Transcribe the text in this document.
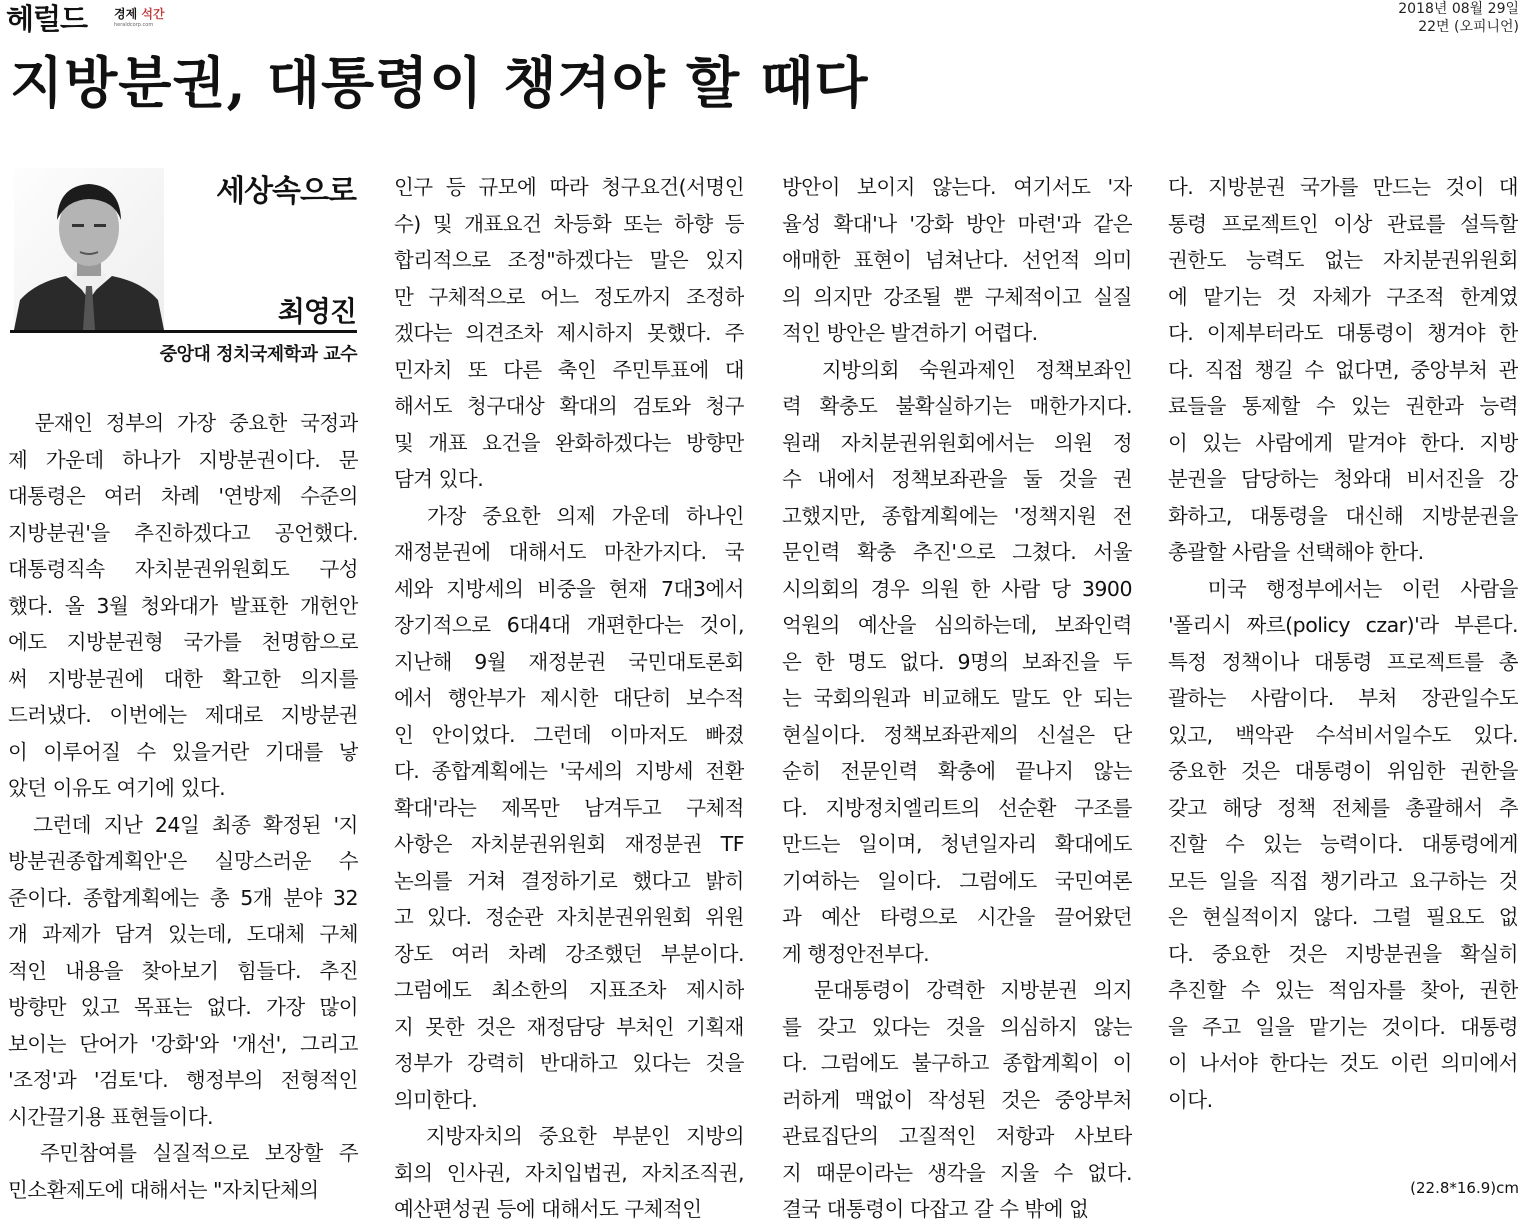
헤럴드 경제 석간
heraldcorp.com
2018년 08월 29일
22면 (오피니언)
지방분권, 대통령이 챙겨야 할 때다
세상속으로
최영진
중앙대 정치국제학과 교수
문재인 정부의 가장 중요한 국정과
제 가운데 하나가 지방분권이다. 문
대통령은 여러 차례 '연방제 수준의
지방분권'을 추진하겠다고 공언했다.
대통령직속 자치분권위원회도 구성
했다. 올 3월 청와대가 발표한 개헌안
에도 지방분권형 국가를 천명함으로
써 지방분권에 대한 확고한 의지를
드러냈다. 이번에는 제대로 지방분권
이 이루어질 수 있을거란 기대를 낳
았던 이유도 여기에 있다.
그런데 지난 24일 최종 확정된 '지
방분권종합계획안'은 실망스러운 수
준이다. 종합계획에는 총 5개 분야 32
개 과제가 담겨 있는데, 도대체 구체
적인 내용을 찾아보기 힘들다. 추진
방향만 있고 목표는 없다. 가장 많이
보이는 단어가 '강화'와 '개선', 그리고
'조정'과 '검토'다. 행정부의 전형적인
시간끌기용 표현들이다.
주민참여를 실질적으로 보장할 주
민소환제도에 대해서는 "자치단체의
인구 등 규모에 따라 청구요건(서명인
수) 및 개표요건 차등화 또는 하향 등
합리적으로 조정"하겠다는 말은 있지
만 구체적으로 어느 정도까지 조정하
겠다는 의견조차 제시하지 못했다. 주
민자치 또 다른 축인 주민투표에 대
해서도 청구대상 확대의 검토와 청구
및 개표 요건을 완화하겠다는 방향만
담겨 있다.
가장 중요한 의제 가운데 하나인
재정분권에 대해서도 마찬가지다. 국
세와 지방세의 비중을 현재 7대3에서
장기적으로 6대4대 개편한다는 것이,
지난해 9월 재정분권 국민대토론회
에서 행안부가 제시한 대단히 보수적
인 안이었다. 그런데 이마저도 빠졌
다. 종합계획에는 '국세의 지방세 전환
확대'라는 제목만 남겨두고 구체적
사항은 자치분권위원회 재정분권 TF
논의를 거쳐 결정하기로 했다고 밝히
고 있다. 정순관 자치분권위원회 위원
장도 여러 차례 강조했던 부분이다.
그럼에도 최소한의 지표조차 제시하
지 못한 것은 재정담당 부처인 기획재
정부가 강력히 반대하고 있다는 것을
의미한다.
지방자치의 중요한 부분인 지방의
회의 인사권, 자치입법권, 자치조직권,
예산편성권 등에 대해서도 구체적인
방안이 보이지 않는다. 여기서도 '자
율성 확대'나 '강화 방안 마련'과 같은
애매한 표현이 넘쳐난다. 선언적 의미
의 의지만 강조될 뿐 구체적이고 실질
적인 방안은 발견하기 어렵다.
지방의회 숙원과제인 정책보좌인
력 확충도 불확실하기는 매한가지다.
원래 자치분권위원회에서는 의원 정
수 내에서 정책보좌관을 둘 것을 권
고했지만, 종합계획에는 '정책지원 전
문인력 확충 추진'으로 그쳤다. 서울
시의회의 경우 의원 한 사람 당 3900
억원의 예산을 심의하는데, 보좌인력
은 한 명도 없다. 9명의 보좌진을 두
는 국회의원과 비교해도 말도 안 되는
현실이다. 정책보좌관제의 신설은 단
순히 전문인력 확충에 끝나지 않는
다. 지방정치엘리트의 선순환 구조를
만드는 일이며, 청년일자리 확대에도
기여하는 일이다. 그럼에도 국민여론
과 예산 타령으로 시간을 끌어왔던
게 행정안전부다.
문대통령이 강력한 지방분권 의지
를 갖고 있다는 것을 의심하지 않는
다. 그럼에도 불구하고 종합계획이 이
러하게 맥없이 작성된 것은 중앙부처
관료집단의 고질적인 저항과 사보타
지 때문이라는 생각을 지울 수 없다.
결국 대통령이 다잡고 갈 수 밖에 없
다. 지방분권 국가를 만드는 것이 대
통령 프로젝트인 이상 관료를 설득할
권한도 능력도 없는 자치분권위원회
에 맡기는 것 자체가 구조적 한계였
다. 이제부터라도 대통령이 챙겨야 한
다. 직접 챙길 수 없다면, 중앙부처 관
료들을 통제할 수 있는 권한과 능력
이 있는 사람에게 맡겨야 한다. 지방
분권을 담당하는 청와대 비서진을 강
화하고, 대통령을 대신해 지방분권을
총괄할 사람을 선택해야 한다.
미국 행정부에서는 이런 사람을
'폴리시 짜르(policy czar)'라 부른다.
특정 정책이나 대통령 프로젝트를 총
괄하는 사람이다. 부처 장관일수도
있고, 백악관 수석비서일수도 있다.
중요한 것은 대통령이 위임한 권한을
갖고 해당 정책 전체를 총괄해서 추
진할 수 있는 능력이다. 대통령에게
모든 일을 직접 챙기라고 요구하는 것
은 현실적이지 않다. 그럴 필요도 없
다. 중요한 것은 지방분권을 확실히
추진할 수 있는 적임자를 찾아, 권한
을 주고 일을 맡기는 것이다. 대통령
이 나서야 한다는 것도 이런 의미에서
이다.
(22.8*16.9)cm
